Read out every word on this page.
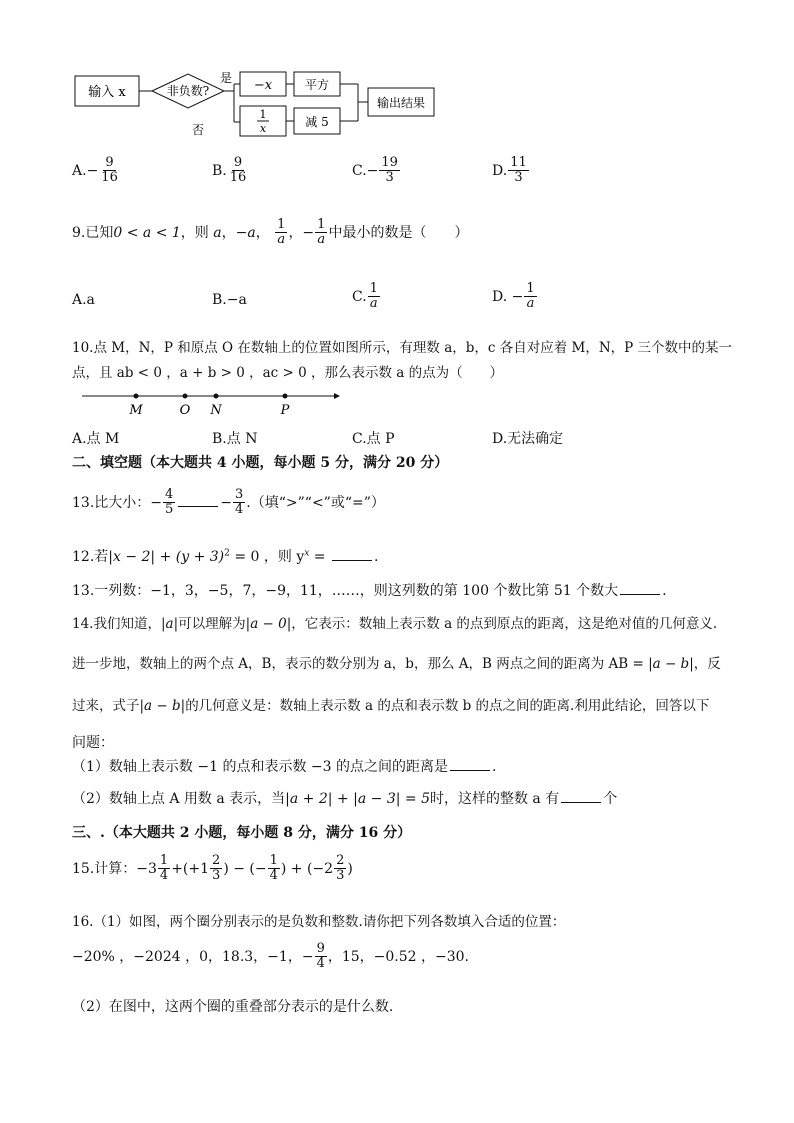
输入 x	非负数?
是
否
−x
1
x
平方
减 5
输出结果
$A.- \frac{9}{16}$	B. $\frac{9}{16}$	$C.- \frac{19}{3}$	D. $\frac{11}{3}$
9.已知0 < a < 1，则 a，−a， $\frac{1}{a}$ ，− $\frac{1}{a}$ 中最小的数是（　　）
A.a	B.−a	C. $\frac{1}{a}$	D. − $\frac{1}{a}$
10.点 M，N，P 和原点 O 在数轴上的位置如图所示，有理数 a，b，c 各自对应着 M，N，P 三个数中的某一
点，且 ab < 0 ，a + b > 0 ，ac > 0 ，那么表示数 a 的点为（　　）
M	O N	P
A.点 M	B.点 N	C.点 P	D.无法确定
二、填空题（本大题共 4 小题，每小题 5 分，满分 20 分）
13.比大小：− $\frac{4}{5}$	− $\frac{3}{4}$ .（填“>”“<”或“=”）
12.若$|x - 2| + (y + 3)^2 = 0$ ，则 $y^x$ =	.
13.一列数：−1，3，−5，7，−9，11，……，则这列数的第 100 个数比第 51 个数大	.
14.我们知道，|a|可以理解为|a − 0|，它表示：数轴上表示数 a 的点到原点的距离，这是绝对值的几何意义.
进一步地，数轴上的两个点 A，B，表示的数分别为 a，b，那么 A，B 两点之间的距离为 AB = |a − b|，反
过来，式子|a − b|的几何意义是：数轴上表示数 a 的点和表示数 b 的点之间的距离.利用此结论，回答以下
问题：
（1）数轴上表示数 −1 的点和表示数 −3 的点之间的距离是	.
（2）数轴上点 A 用数 a 表示，当|a + 2| + |a − 3| = 5时，这样的整数 a 有	个
三、.（本大题共 2 小题，每小题 8 分，满分 16 分）
15.计算：$-3 \frac{1}{4} +(+1 \frac{2}{3}$ ) − (− $\frac{1}{4}$ ) + ($-2 \frac{2}{3}$ )
16.（1）如图，两个圈分别表示的是负数和整数.请你把下列各数填入合适的位置：
−20% ，−2024 ，0，18.3，−1，− $\frac{9}{4}$ ，15，−0.52 ，−30.
（2）在图中，这两个圈的重叠部分表示的是什么数.
